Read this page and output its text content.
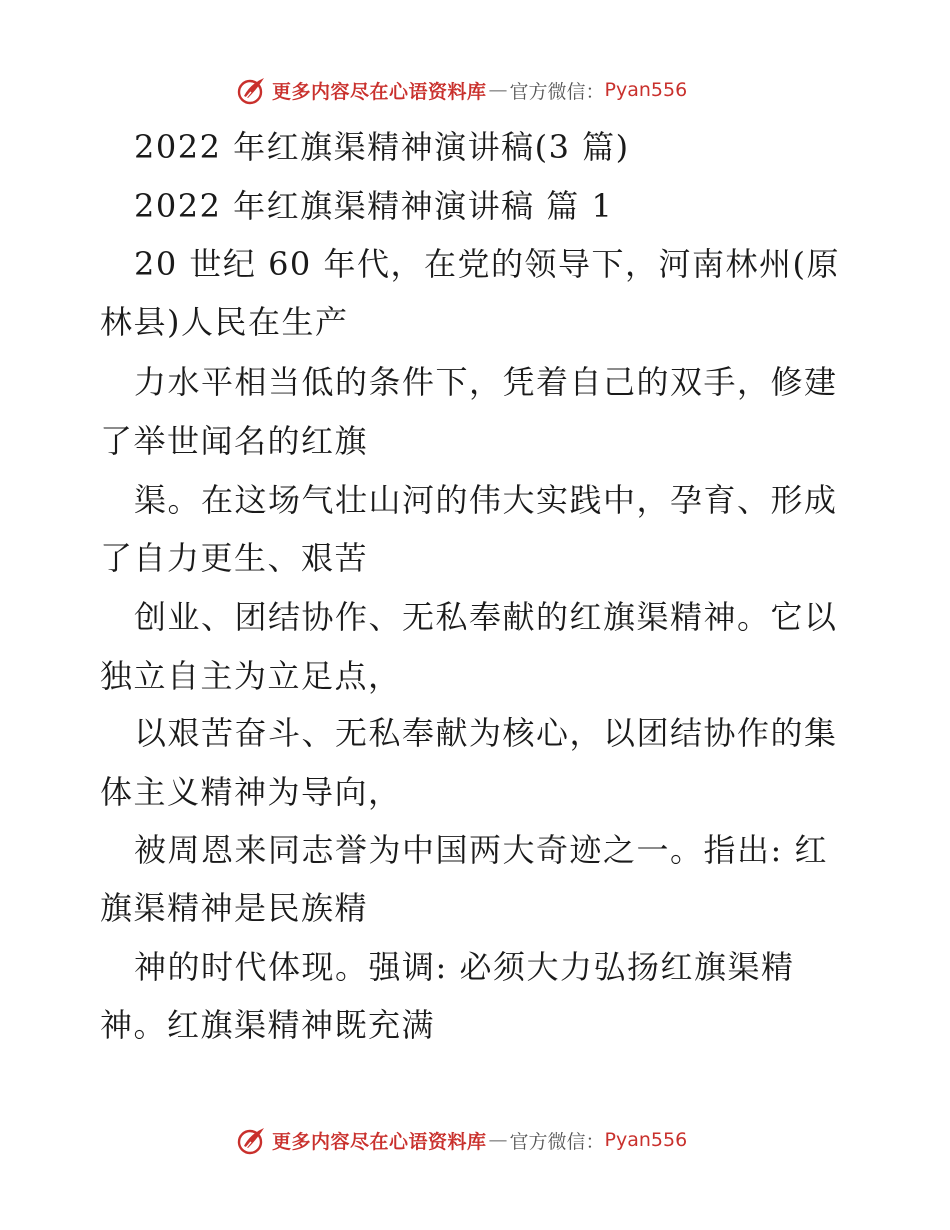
更多内容尽在心语资料库 — 官方微信： Pyan556
2022 年红旗渠精神演讲稿(3 篇)
2022 年红旗渠精神演讲稿 篇 1
20 世纪 60 年代，在党的领导下，河南林州(原
林县)人民在生产
力水平相当低的条件下，凭着自己的双手，修建
了举世闻名的红旗
渠。在这场气壮山河的伟大实践中，孕育、形成
了自力更生、艰苦
创业、团结协作、无私奉献的红旗渠精神。它以
独立自主为立足点，
以艰苦奋斗、无私奉献为核心，以团结协作的集
体主义精神为导向，
被周恩来同志誉为中国两大奇迹之一。指出: 红
旗渠精神是民族精
神的时代体现。强调: 必须大力弘扬红旗渠精
神。红旗渠精神既充满
更多内容尽在心语资料库 — 官方微信： Pyan556
